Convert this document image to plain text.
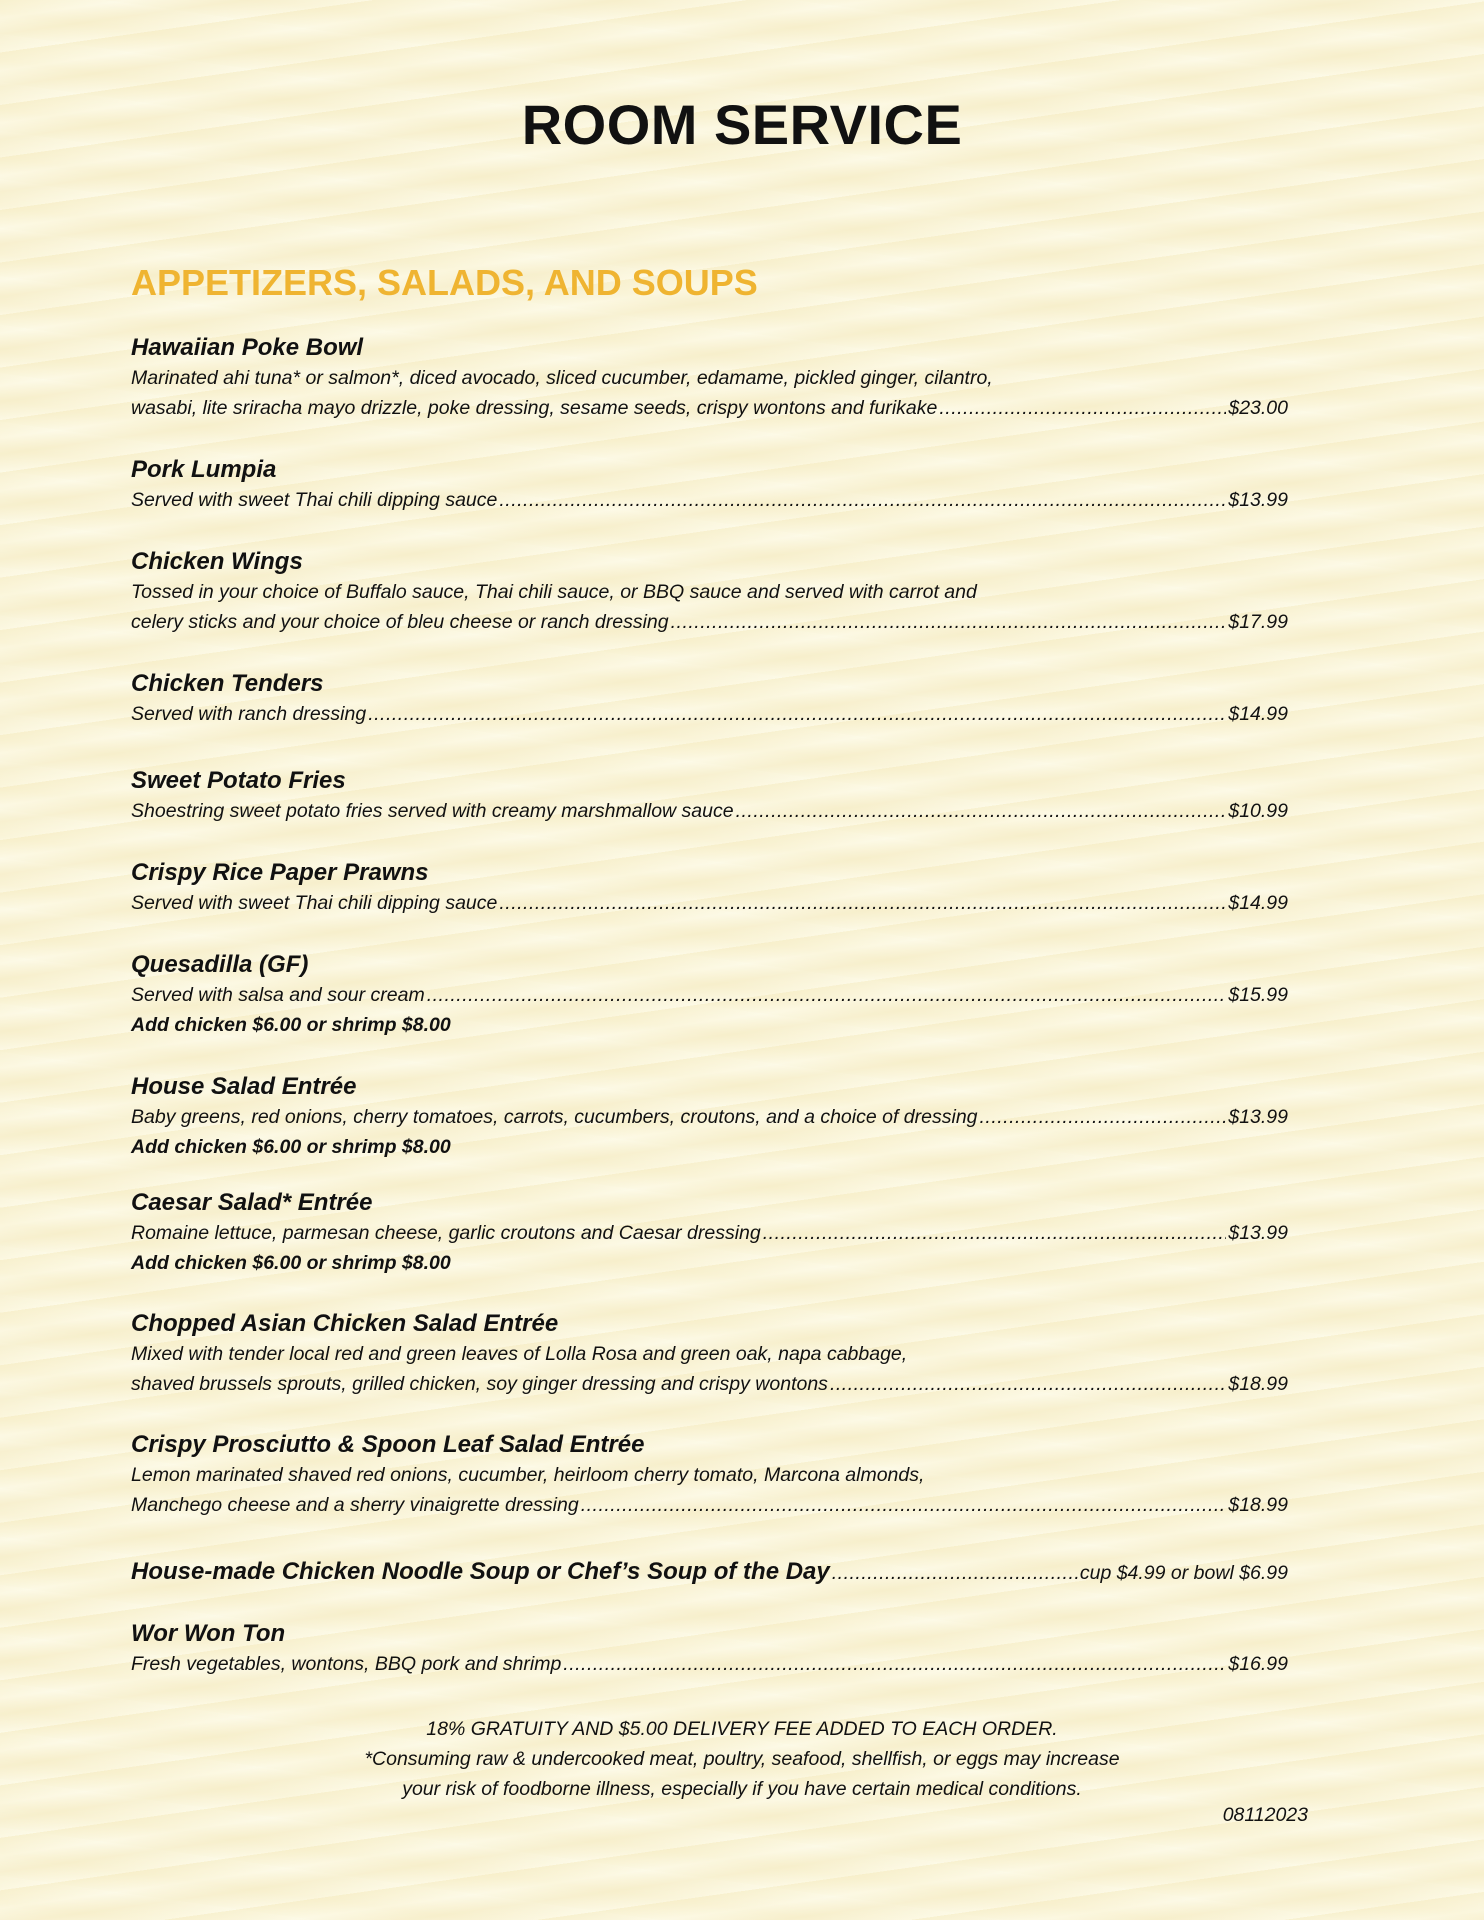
ROOM SERVICE
APPETIZERS, SALADS, AND SOUPS
Hawaiian Poke Bowl
Marinated ahi tuna* or salmon*, diced avocado, sliced cucumber, edamame, pickled ginger, cilantro,
wasabi, lite sriracha mayo drizzle, poke dressing, sesame seeds, crispy wontons and furikake .....	$23.00
Pork Lumpia
Served with sweet Thai chili dipping sauce .....	$13.99
Chicken Wings
Tossed in your choice of Buffalo sauce, Thai chili sauce, or BBQ sauce and served with carrot and
celery sticks and your choice of bleu cheese or ranch dressing .....	$17.99
Chicken Tenders
Served with ranch dressing .....	$14.99
Sweet Potato Fries
Shoestring sweet potato fries served with creamy marshmallow sauce .....	$10.99
Crispy Rice Paper Prawns
Served with sweet Thai chili dipping sauce .....	$14.99
Quesadilla (GF)
Served with salsa and sour cream .....	$15.99
Add chicken $6.00 or shrimp $8.00
House Salad Entrée
Baby greens, red onions, cherry tomatoes, carrots, cucumbers, croutons, and a choice of dressing .....	$13.99
Add chicken $6.00 or shrimp $8.00
Caesar Salad* Entrée
Romaine lettuce, parmesan cheese, garlic croutons and Caesar dressing .....	$13.99
Add chicken $6.00 or shrimp $8.00
Chopped Asian Chicken Salad Entrée
Mixed with tender local red and green leaves of Lolla Rosa and green oak, napa cabbage,
shaved brussels sprouts, grilled chicken, soy ginger dressing and crispy wontons .....	$18.99
Crispy Prosciutto & Spoon Leaf Salad Entrée
Lemon marinated shaved red onions, cucumber, heirloom cherry tomato, Marcona almonds,
Manchego cheese and a sherry vinaigrette dressing .....	$18.99
House-made Chicken Noodle Soup or Chef’s Soup of the Day .....	cup $4.99 or bowl $6.99
Wor Won Ton
Fresh vegetables, wontons, BBQ pork and shrimp .....	$16.99
18% GRATUITY AND $5.00 DELIVERY FEE ADDED TO EACH ORDER.
*Consuming raw & undercooked meat, poultry, seafood, shellfish, or eggs may increase
your risk of foodborne illness, especially if you have certain medical conditions.
08112023
